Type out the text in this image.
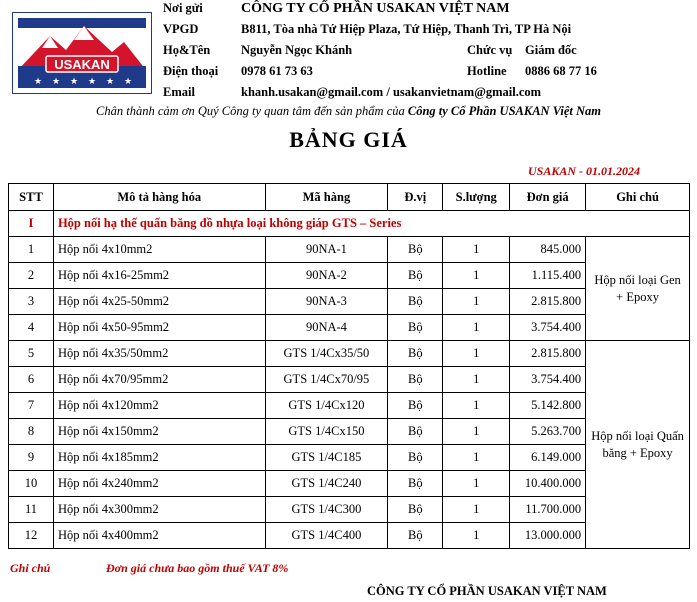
USAKAN
★ ★ ★ ★ ★ ★
Nơi gửi	CÔNG TY CỔ PHẦN USAKAN VIỆT NAM
VPGD	B811, Tòa nhà Tứ Hiệp Plaza, Tứ Hiệp, Thanh Trì, TP Hà Nội
Họ&Tên Nguyễn Ngọc Khánh	Chức vụ Giám đốc
Điện thoại 0978 61 73 63	Hotline 0886 68 77 16
Email	khanh.usakan@gmail.com / usakanvietnam@gmail.com
Chân thành cảm ơn Quý Công ty quan tâm đến sản phẩm của Công ty Cổ Phần USAKAN Việt Nam
BẢNG GIÁ
USAKAN - 01.01.2024
STT	Mô tả hàng hóa	Mã hàng	Đ.vị	S.lượng	Đơn giá	Ghi chú
I	Hộp nối hạ thế quấn băng đồ nhựa loại không giáp GTS – Series					
1	Hộp nối 4x10mm2	90NA-1	Bộ	1	845.000	Hộp nối loại Gen + Epoxy
2	Hộp nối 4x16-25mm2	90NA-2	Bộ	1	1.115.400	
3	Hộp nối 4x25-50mm2	90NA-3	Bộ	1	2.815.800	
4	Hộp nối 4x50-95mm2	90NA-4	Bộ	1	3.754.400	
5	Hộp nối 4x35/50mm2	GTS 1/4Cx35/50	Bộ	1	2.815.800	Hộp nối loại Quấn băng + Epoxy
6	Hộp nối 4x70/95mm2	GTS 1/4Cx70/95	Bộ	1	3.754.400	
7	Hộp nối 4x120mm2	GTS 1/4Cx120	Bộ	1	5.142.800	
8	Hộp nối 4x150mm2	GTS 1/4Cx150	Bộ	1	5.263.700	
9	Hộp nối 4x185mm2	GTS 1/4C185	Bộ	1	6.149.000	
10	Hộp nối 4x240mm2	GTS 1/4C240	Bộ	1	10.400.000	
11	Hộp nối 4x300mm2	GTS 1/4C300	Bộ	1	11.700.000	
12	Hộp nối 4x400mm2	GTS 1/4C400	Bộ	1	13.000.000	
Ghi chú	Đơn giá chưa bao gồm thuế VAT 8%
CÔNG TY CỔ PHẦN USAKAN VIỆT NAM
